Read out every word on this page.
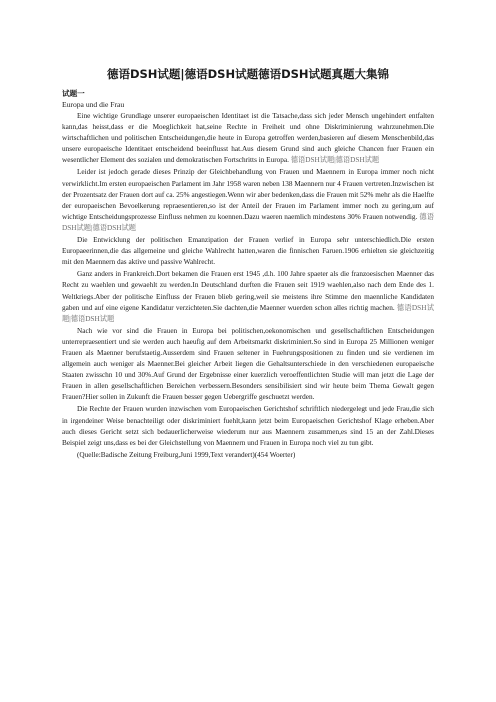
德语DSH试题|德语DSH试题德语DSH试题真题大集锦
试题一
Europa und die Frau

Eine wichtige Grundlage unserer europaeischen Identitaet ist die Tatsache,dass sich jeder Mensch ungehindert entfalten kann,das heisst,dass er die Moeglichkeit hat,seine Rechte in Freiheit und ohne Diskriminierung wahrzunehmen.Die wirtschaftlichen und politischen Entscheidungen,die heute in Europa getroffen werden,basieren auf diesem Menschenbild,das unsere europaeische Identitaet entscheidend beeinflusst hat.Aus diesem Grund sind auch gleiche Chancen fuer Frauen ein wesentlicher Element des sozialen und demokratischen Fortschritts in Europa. 德语DSH试题|德语DSH试题

Leider ist jedoch gerade dieses Prinzip der Gleichbehandlung von Frauen und Maennern in Europa immer noch nicht verwirklicht.Im ersten europaeischen Parlament im Jahr 1958 waren neben 138 Maennern nur 4 Frauen vertreten.Inzwischen ist der Prozentsatz der Frauen dort auf ca. 25% angestiegen.Wenn wir aber bedenken,dass die Frauen mit 52% mehr als die Haelfte der europaeischen Bevoelkerung repraesentieren,so ist der Anteil der Frauen im Parlament immer noch zu gering,um auf wichtige Entscheidungsprozesse Einfluss nehmen zu koennen.Dazu waeren naemlich mindestens 30% Frauen notwendig. 德语DSH试题|德语DSH试题

Die Entwicklung der politischen Emanzipation der Frauen verlief in Europa sehr unterschiedlich.Die ersten Europaeerinnen,die das allgemeine und gleiche Wahlrecht hatten,waren die finnischen Faruen.1906 erhielten sie gleichzeitig mit den Maennern das aktive und passive Wahlrecht.

Ganz anders in Frankreich.Dort bekamen die Frauen erst 1945 ,d.h. 100 Jahre spaeter als die franzoesischen Maenner das Recht zu waehlen und gewaehlt zu werden.In Deutschland durften die Frauen seit 1919 waehlen,also nach dem Ende des 1. Weltkriegs.Aber der politische Einfluss der Frauen blieb gering,weil sie meistens ihre Stimme den maennliche Kandidaten gaben und auf eine eigene Kandidatur verzichteten.Sie dachten,die Maenner wuerden schon alles richtig machen. 德语DSH试题|德语DSH试题

Nach wie vor sind die Frauen in Europa bei politischen,oekonomischen und gesellschaftlichen Entscheidungen unterrepraesentiert und sie werden auch haeufig auf dem Arbeitsmarkt diskriminiert.So sind in Europa 25 Millionen weniger Frauen als Maenner berufstaetig.Ausserdem sind Frauen seltener in Fuehrungspositionen zu finden und sie verdienen im allgemein auch weniger als Maenner.Bei gleicher Arbeit liegen die Gehaltsunterschiede in den verschiedenen europaeische Staaten zwisschn 10 und 30%.Auf Grund der Ergebnisse einer kuerzlich veroeffentlichten Studie will man jetzt die Lage der Frauen in allen gesellschaftlichen Bereichen verbessern.Besonders sensibilisiert sind wir heute beim Thema Gewalt gegen Frauen?Hier sollen in Zukunft die Frauen besser gegen Uebergriffe geschuetzt werden.

Die Rechte der Frauen wurden inzwischen vom Europaeischen Gerichtshof schriftlich niedergelegt und jede Frau,die sich in irgendeiner Weise benachteiligt oder diskriminiert fuehlt,kann jetzt beim Europaeischen Gerichtshof Klage erheben.Aber auch dieses Gericht setzt sich bedauerlicherweise wiederum nur aus Maennern zusammen,es sind 15 an der Zahl.Dieses Beispiel zeigt uns,dass es bei der Gleichstellung von Maennern und Frauen in Europa noch viel zu tun gibt.

(Quelle:Badische Zeitung Freiburg,Juni 1999,Text verandert)(454 Woerter)
